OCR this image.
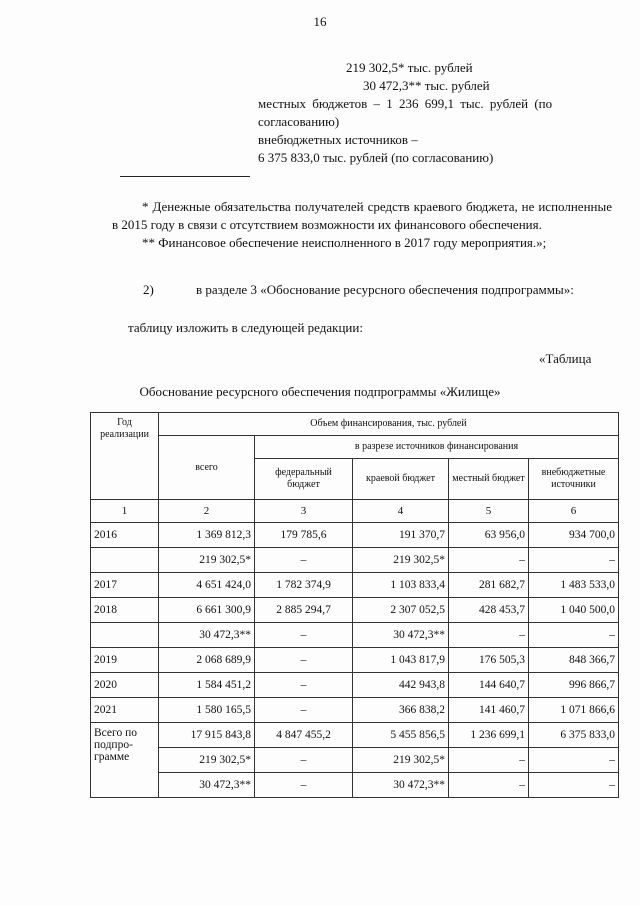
16
219 302,5* тыс. рублей
30 472,3** тыс. рублей
местных бюджетов – 1 236 699,1 тыс. рублей (по
согласованию)
внебюджетных источников –
6 375 833,0 тыс. рублей (по согласованию)

* Денежные обязательства получателей средств краевого бюджета, не исполненные в 2015 году в связи с отсутствием возможности их финансового обеспечения.

** Финансовое обеспечение неисполненного в 2017 году мероприятия.»;

2)	в разделе 3 «Обоснование ресурсного обеспечения подпрограммы»:
таблицу изложить в следующей редакции:
«Таблица
Обоснование ресурсного обеспечения подпрограммы «Жилище»
Год реализации	Объем финансирования, тыс. рублей				
	всего	в разрезе источников финансирования			
		федеральный бюджет	краевой бюджет	местный бюджет	внебюджетные источники
1	2	3	4	5	6
2016	1 369 812,3	179 785,6	191 370,7	63 956,0	934 700,0
	219 302,5*	–	219 302,5*	–	–
2017	4 651 424,0	1 782 374,9	1 103 833,4	281 682,7	1 483 533,0
2018	6 661 300,9	2 885 294,7	2 307 052,5	428 453,7	1 040 500,0
	30 472,3**	–	30 472,3**	–	–
2019	2 068 689,9	–	1 043 817,9	176 505,3	848 366,7
2020	1 584 451,2	–	442 943,8	144 640,7	996 866,7
2021	1 580 165,5	–	366 838,2	141 460,7	1 071 866,6
Всего по подпро-грамме	17 915 843,8	4 847 455,2	5 455 856,5	1 236 699,1	6 375 833,0
	219 302,5*	–	219 302,5*	–	–
	30 472,3**	–	30 472,3**	–	–
